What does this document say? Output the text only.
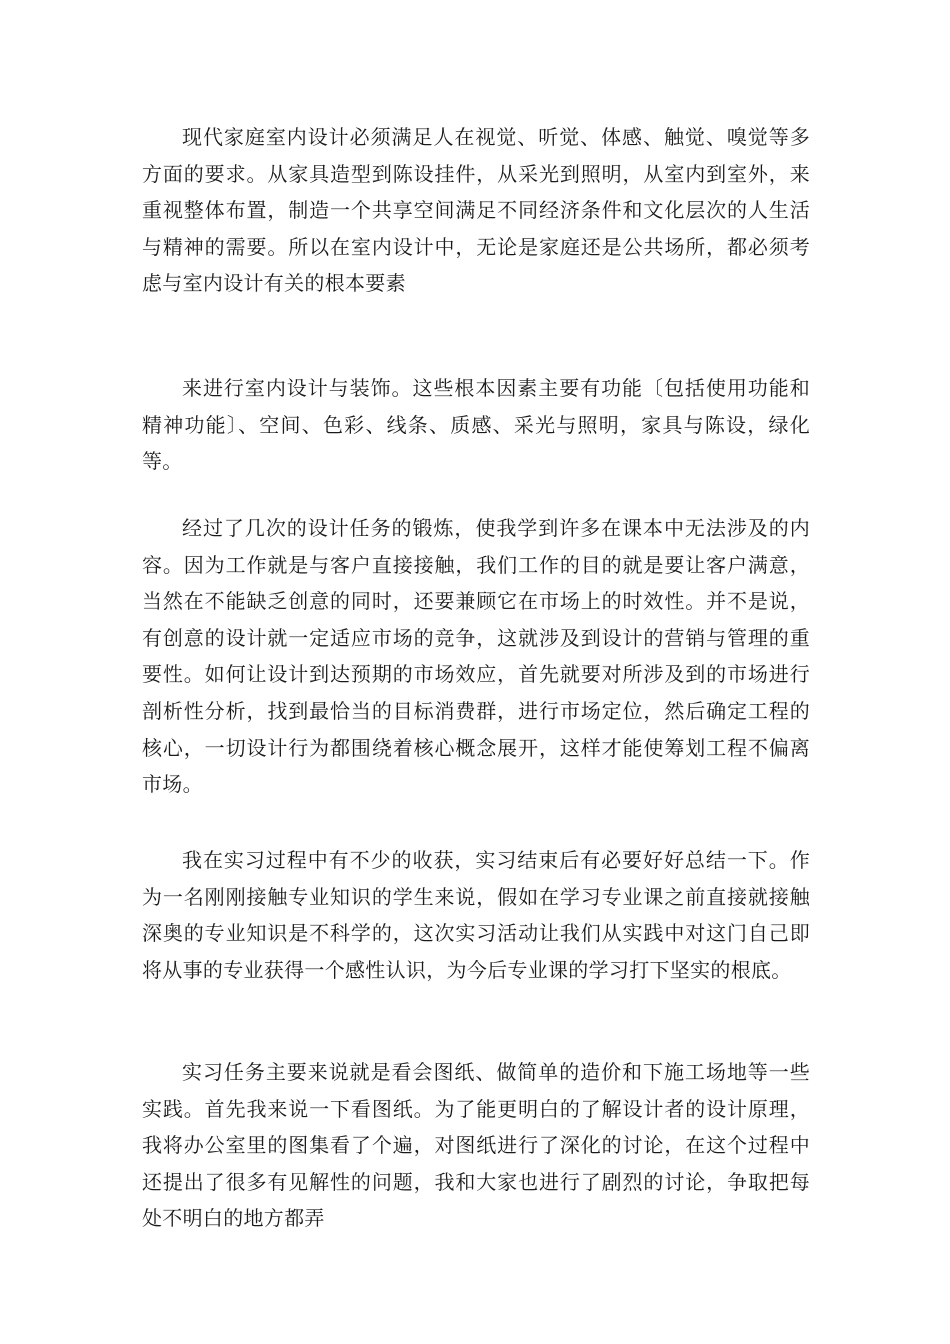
现代家庭室内设计必须满足人在视觉、听觉、体感、触觉、嗅觉等多方面的要求。从家具造型到陈设挂件，从采光到照明，从室内到室外，来重视整体布置，制造一个共享空间满足不同经济条件和文化层次的人生活与精神的需要。所以在室内设计中，无论是家庭还是公共场所，都必须考虑与室内设计有关的根本要素

来进行室内设计与装饰。这些根本因素主要有功能〔包括使用功能和精神功能〕、空间、色彩、线条、质感、采光与照明，家具与陈设，绿化等。

经过了几次的设计任务的锻炼，使我学到许多在课本中无法涉及的内容。因为工作就是与客户直接接触，我们工作的目的就是要让客户满意，当然在不能缺乏创意的同时，还要兼顾它在市场上的时效性。并不是说，有创意的设计就一定适应市场的竞争，这就涉及到设计的营销与管理的重要性。如何让设计到达预期的市场效应，首先就要对所涉及到的市场进行剖析性分析，找到最恰当的目标消费群，进行市场定位，然后确定工程的核心，一切设计行为都围绕着核心概念展开，这样才能使筹划工程不偏离市场。

我在实习过程中有不少的收获，实习结束后有必要好好总结一下。作为一名刚刚接触专业知识的学生来说，假如在学习专业课之前直接就接触深奥的专业知识是不科学的，这次实习活动让我们从实践中对这门自己即将从事的专业获得一个感性认识，为今后专业课的学习打下坚实的根底。

实习任务主要来说就是看会图纸、做简单的造价和下施工场地等一些实践。首先我来说一下看图纸。为了能更明白的了解设计者的设计原理，我将办公室里的图集看了个遍，对图纸进行了深化的讨论，在这个过程中还提出了很多有见解性的问题，我和大家也进行了剧烈的讨论，争取把每处不明白的地方都弄
